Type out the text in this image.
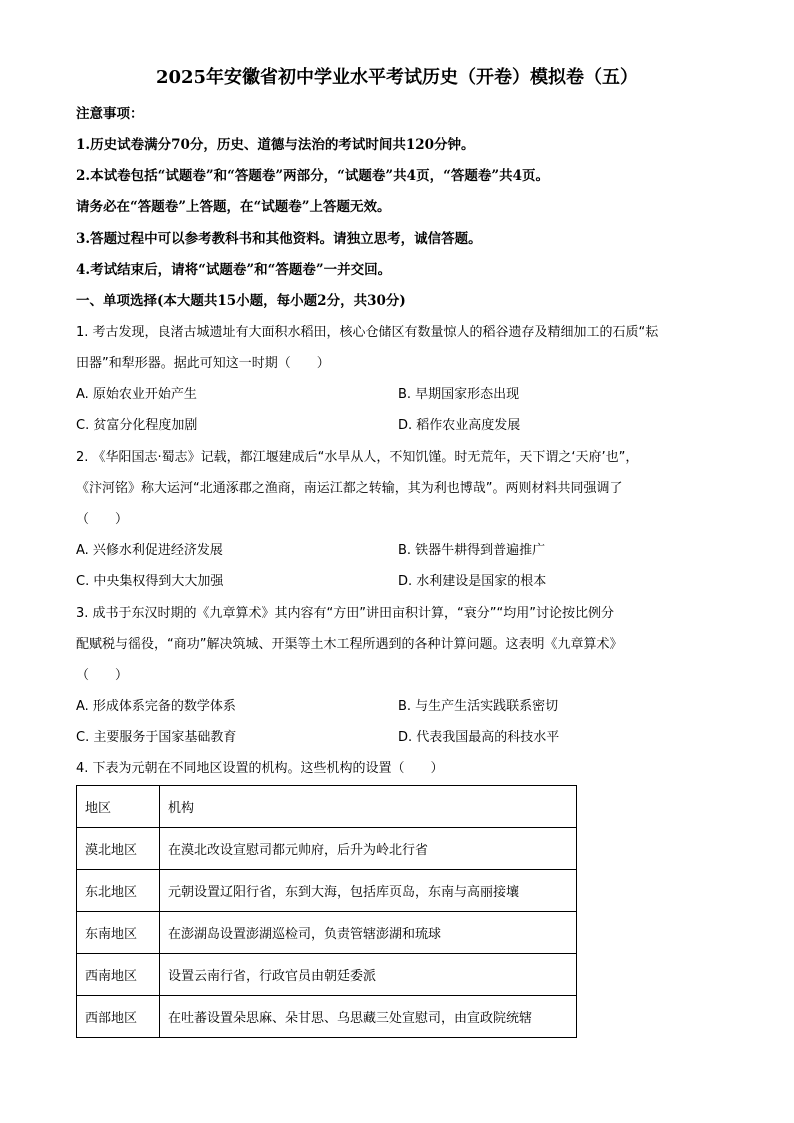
2025年安徽省初中学业水平考试历史（开卷）模拟卷（五）
注意事项：
1.历史试卷满分70分，历史、道德与法治的考试时间共120分钟。
2.本试卷包括“试题卷”和“答题卷”两部分，“试题卷”共4页，“答题卷”共4页。
请务必在“答题卷”上答题，在“试题卷”上答题无效。
3.答题过程中可以参考教科书和其他资料。请独立思考，诚信答题。
4.考试结束后，请将“试题卷”和“答题卷”一并交回。
一、单项选择(本大题共15小题，每小题2分，共30分)
1. 考古发现，良渚古城遗址有大面积水稻田，核心仓储区有数量惊人的稻谷遗存及精细加工的石质“耘
田器”和犁形器。据此可知这一时期（　　）
A. 原始农业开始产生	B. 早期国家形态出现
C. 贫富分化程度加剧	D. 稻作农业高度发展
2. 《华阳国志·蜀志》记载，都江堰建成后“水旱从人，不知饥馑。时无荒年，天下谓之‘天府’也”，
《汴河铭》称大运河“北通涿郡之渔商，南运江都之转输，其为利也博哉”。两则材料共同强调了
（　　）
A. 兴修水利促进经济发展	B. 铁器牛耕得到普遍推广
C. 中央集权得到大大加强	D. 水利建设是国家的根本
3. 成书于东汉时期的《九章算术》其内容有“方田”讲田亩积计算，“衰分”“均用”讨论按比例分
配赋税与徭役，“商功”解决筑城、开渠等土木工程所遇到的各种计算问题。这表明《九章算术》
（　　）
A. 形成体系完备的数学体系	B. 与生产生活实践联系密切
C. 主要服务于国家基础教育	D. 代表我国最高的科技水平
4. 下表为元朝在不同地区设置的机构。这些机构的设置（　　）
地区	机构
漠北地区	在漠北改设宣慰司都元帅府，后升为岭北行省
东北地区	元朝设置辽阳行省，东到大海，包括库页岛，东南与高丽接壤
东南地区	在澎湖岛设置澎湖巡检司，负责管辖澎湖和琉球
西南地区	设置云南行省，行政官员由朝廷委派
西部地区	在吐蕃设置朵思麻、朵甘思、乌思藏三处宣慰司，由宣政院统辖
